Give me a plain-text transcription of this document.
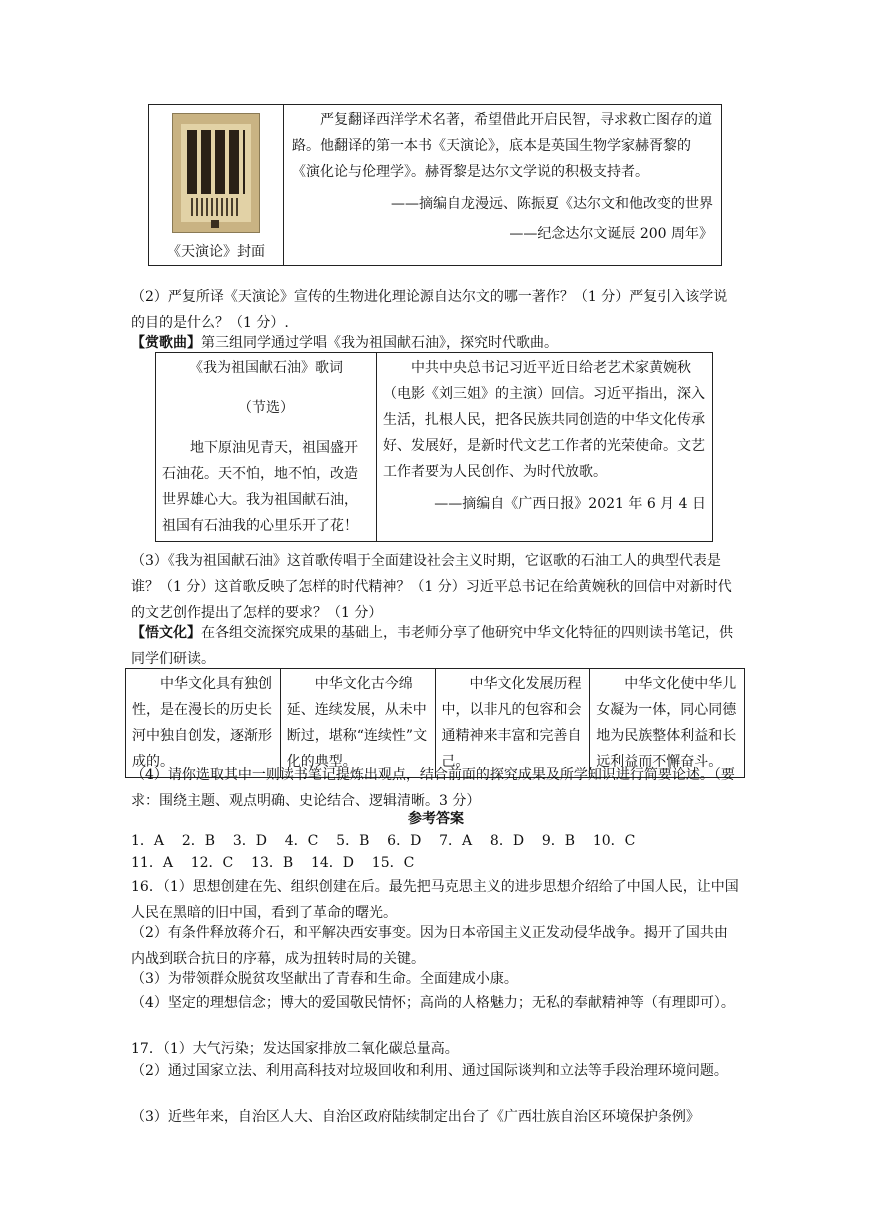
《天演论》封面

严复翻译西洋学术名著，希望借此开启民智，寻求救亡图存的道路。他翻译的第一本书《天演论》，底本是英国生物学家赫胥黎的《演化论与伦理学》。赫胥黎是达尔文学说的积极支持者。
——摘编自龙漫远、陈振夏《达尔文和他改变的世界
——纪念达尔文诞辰 200 周年》
（2）严复所译《天演论》宣传的生物进化理论源自达尔文的哪一著作？（1 分）严复引入该学说的目的是什么？（1 分）.
【赏歌曲】第三组同学通过学唱《我为祖国献石油》，探究时代歌曲。
《我为祖国献石油》歌词
（节选）
地下原油见青天，祖国盛开石油花。天不怕，地不怕，改造世界雄心大。我为祖国献石油，祖国有石油我的心里乐开了花！

中共中央总书记习近平近日给老艺术家黄婉秋（电影《刘三姐》的主演）回信。习近平指出，深入生活，扎根人民，把各民族共同创造的中华文化传承好、发展好，是新时代文艺工作者的光荣使命。文艺工作者要为人民创作、为时代放歌。
——摘编自《广西日报》2021 年 6 月 4 日
（3）《我为祖国献石油》这首歌传唱于全面建设社会主义时期，它讴歌的石油工人的典型代表是谁？（1 分）这首歌反映了怎样的时代精神？（1 分）习近平总书记在给黄婉秋的回信中对新时代的文艺创作提出了怎样的要求？（1 分）
【悟文化】在各组交流探究成果的基础上，韦老师分享了他研究中华文化特征的四则读书笔记，供同学们研读。
中华文化具有独创性，是在漫长的历史长河中独自创发，逐渐形成的。	中华文化古今绵延、连续发展，从未中断过，堪称“连续性”文化的典型。	中华文化发展历程中，以非凡的包容和会通精神来丰富和完善自己。	中华文化使中华儿女凝为一体，同心同德地为民族整体利益和长远利益而不懈奋斗。
（4）请你选取其中一则读书笔记提炼出观点，结合前面的探究成果及所学知识进行简要论述。（要求：围绕主题、观点明确、史论结合、逻辑清晰。3 分）
参考答案
1．A    2．B    3．D    4．C    5．B    6．D    7．A    8．D    9．B    10．C
11．A    12．C    13．B    14．D    15．C
16．（1）思想创建在先、组织创建在后。最先把马克思主义的进步思想介绍给了中国人民，让中国人民在黑暗的旧中国，看到了革命的曙光。
（2）有条件释放蒋介石，和平解决西安事变。因为日本帝国主义正发动侵华战争。揭开了国共由内战到联合抗日的序幕，成为扭转时局的关键。
（3）为带领群众脱贫攻坚献出了青春和生命。全面建成小康。
（4）坚定的理想信念；博大的爱国敬民情怀；高尚的人格魅力；无私的奉献精神等（有理即可）。
17．（1）大气污染；发达国家排放二氧化碳总量高。
（2）通过国家立法、利用高科技对垃圾回收和利用、通过国际谈判和立法等手段治理环境问题。
（3）近些年来，自治区人大、自治区政府陆续制定出台了《广西壮族自治区环境保护条例》
